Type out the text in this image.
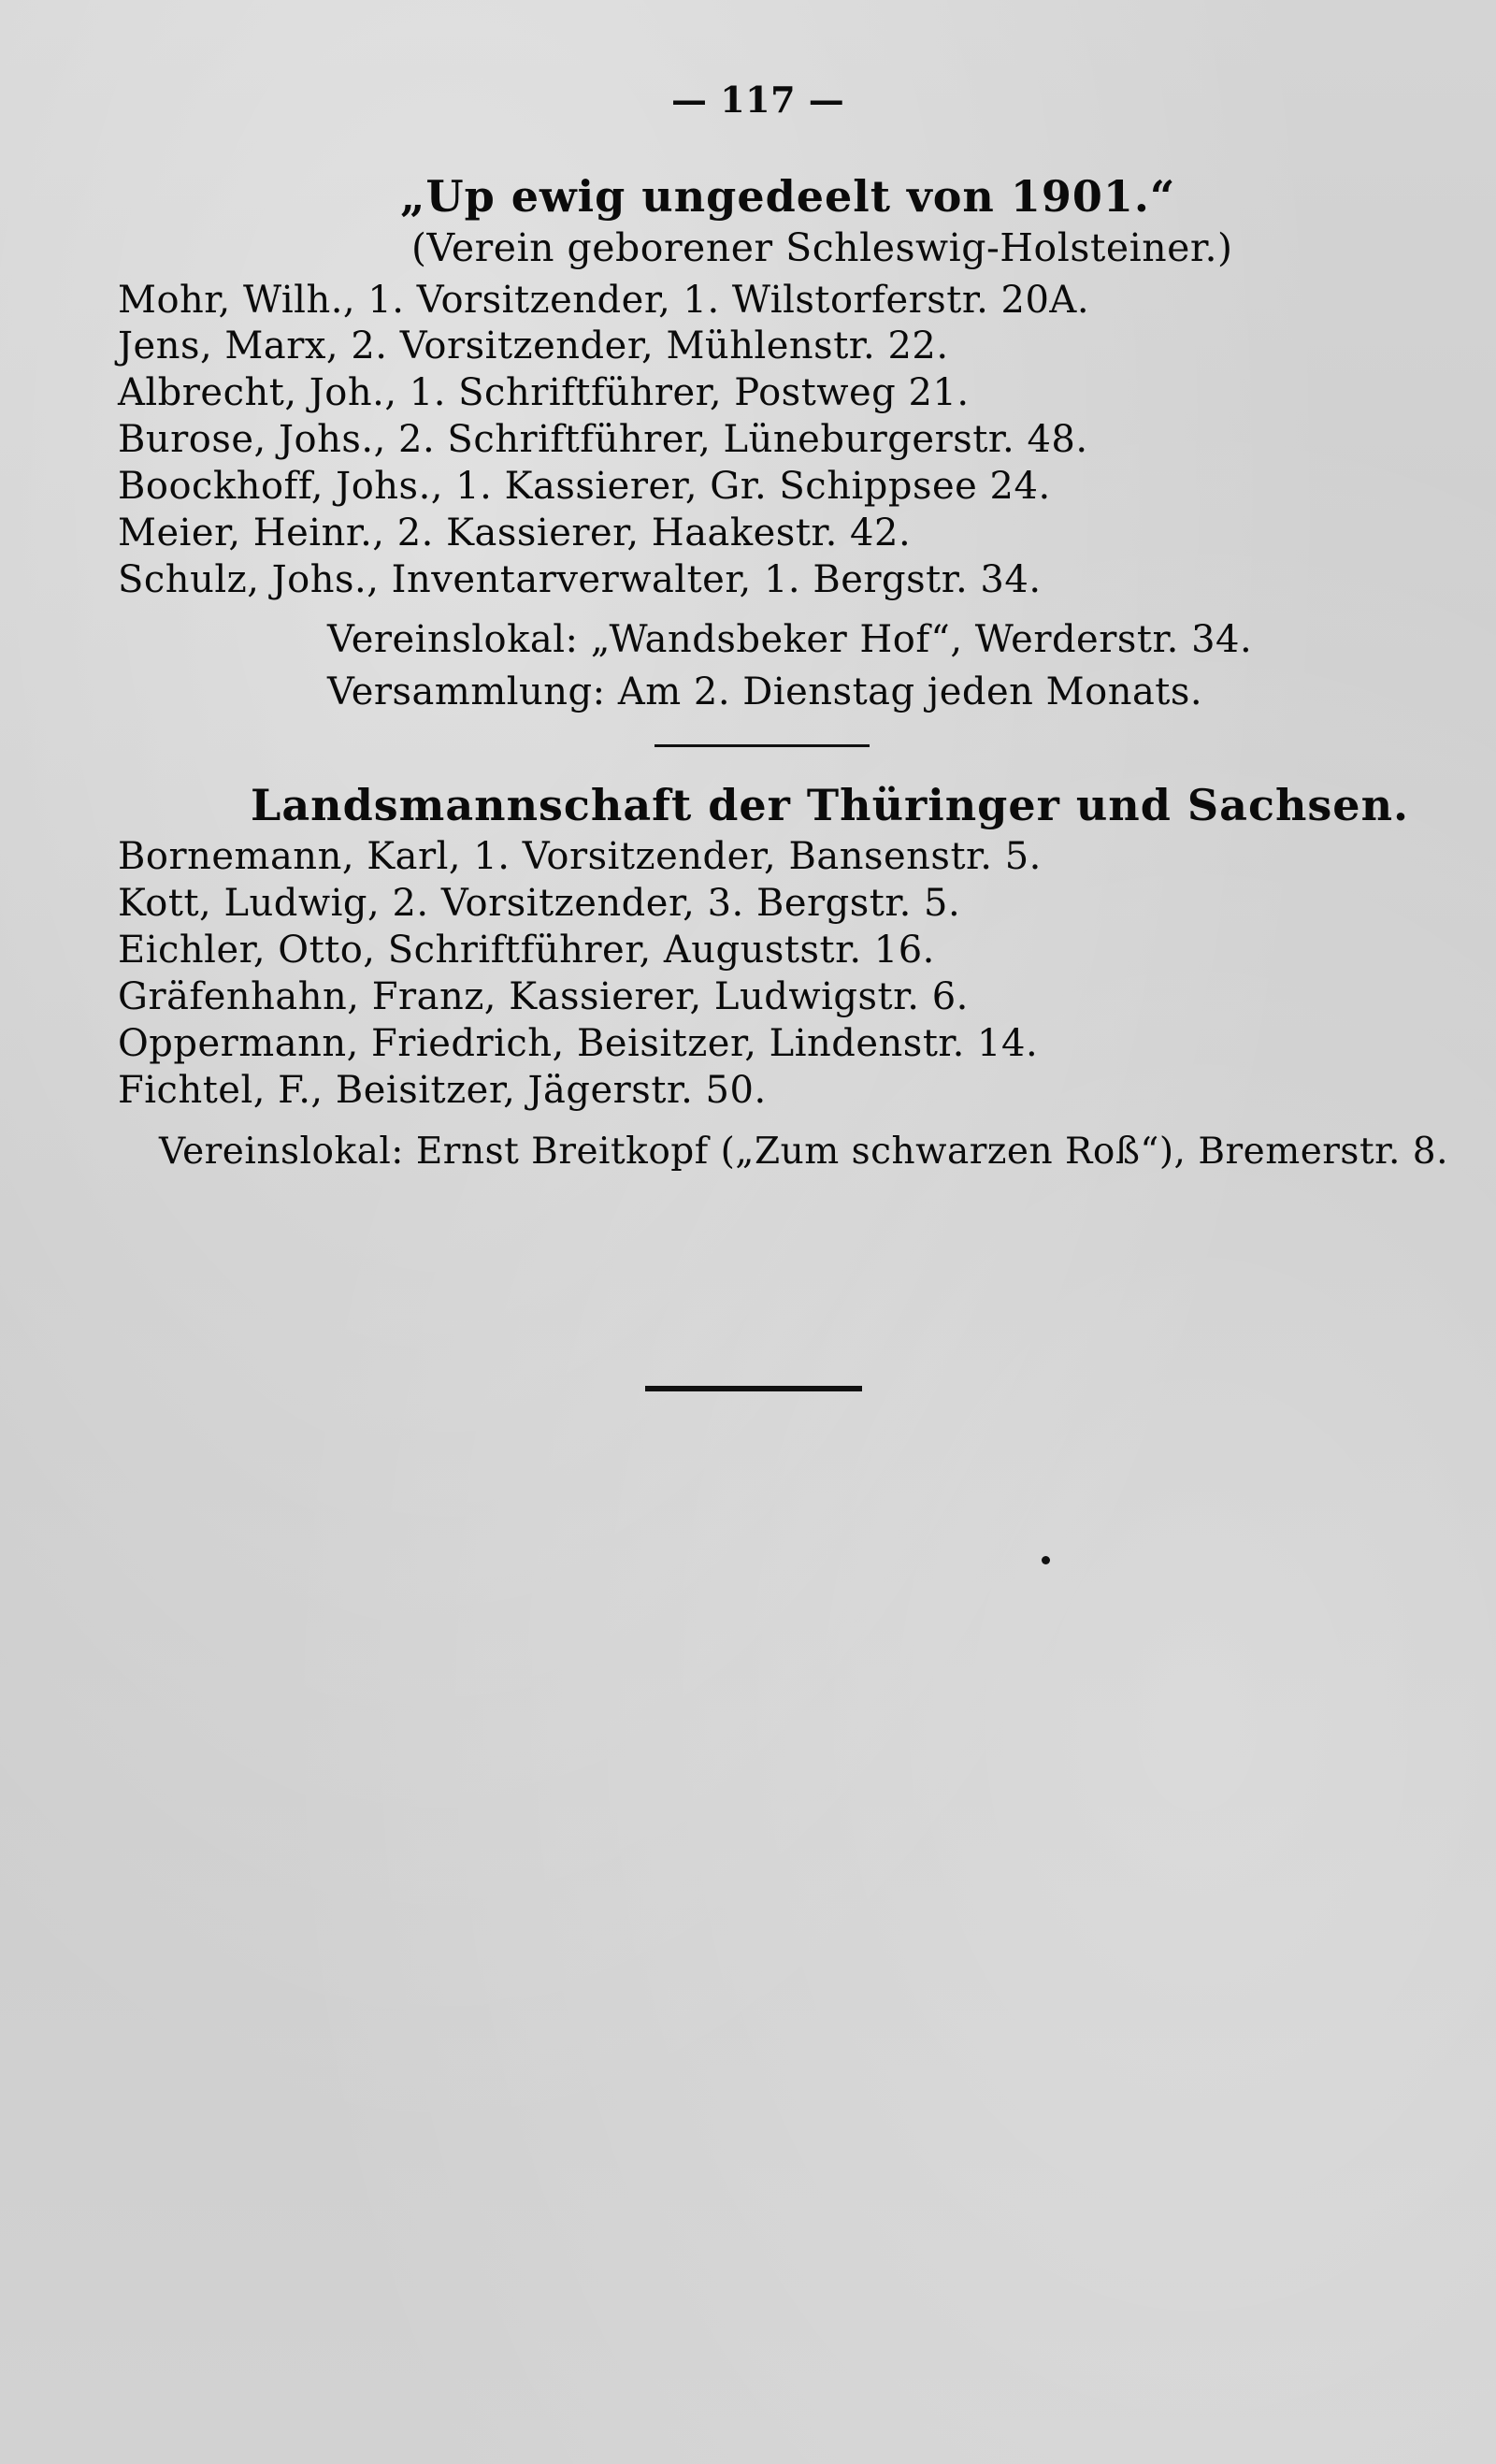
— 117 —
„Up ewig ungedeelt von 1901.“
(Verein geborener Schleswig-Holsteiner.)
Mohr, Wilh., 1. Vorsitzender, 1. Wilstorferstr. 20A.
Jens, Marx, 2. Vorsitzender, Mühlenstr. 22.
Albrecht, Joh., 1. Schriftführer, Postweg 21.
Burose, Johs., 2. Schriftführer, Lüneburgerstr. 48.
Boockhoff, Johs., 1. Kassierer, Gr. Schippsee 24.
Meier, Heinr., 2. Kassierer, Haakestr. 42.
Schulz, Johs., Inventarverwalter, 1. Bergstr. 34.
Vereinslokal: „Wandsbeker Hof“, Werderstr. 34.
Versammlung: Am 2. Dienstag jeden Monats.
Landsmannschaft der Thüringer und Sachsen.
Bornemann, Karl, 1. Vorsitzender, Bansenstr. 5.
Kott, Ludwig, 2. Vorsitzender, 3. Bergstr. 5.
Eichler, Otto, Schriftführer, Auguststr. 16.
Gräfenhahn, Franz, Kassierer, Ludwigstr. 6.
Oppermann, Friedrich, Beisitzer, Lindenstr. 14.
Fichtel, F., Beisitzer, Jägerstr. 50.
Vereinslokal: Ernst Breitkopf („Zum schwarzen Roß“), Bremerstr. 8.
